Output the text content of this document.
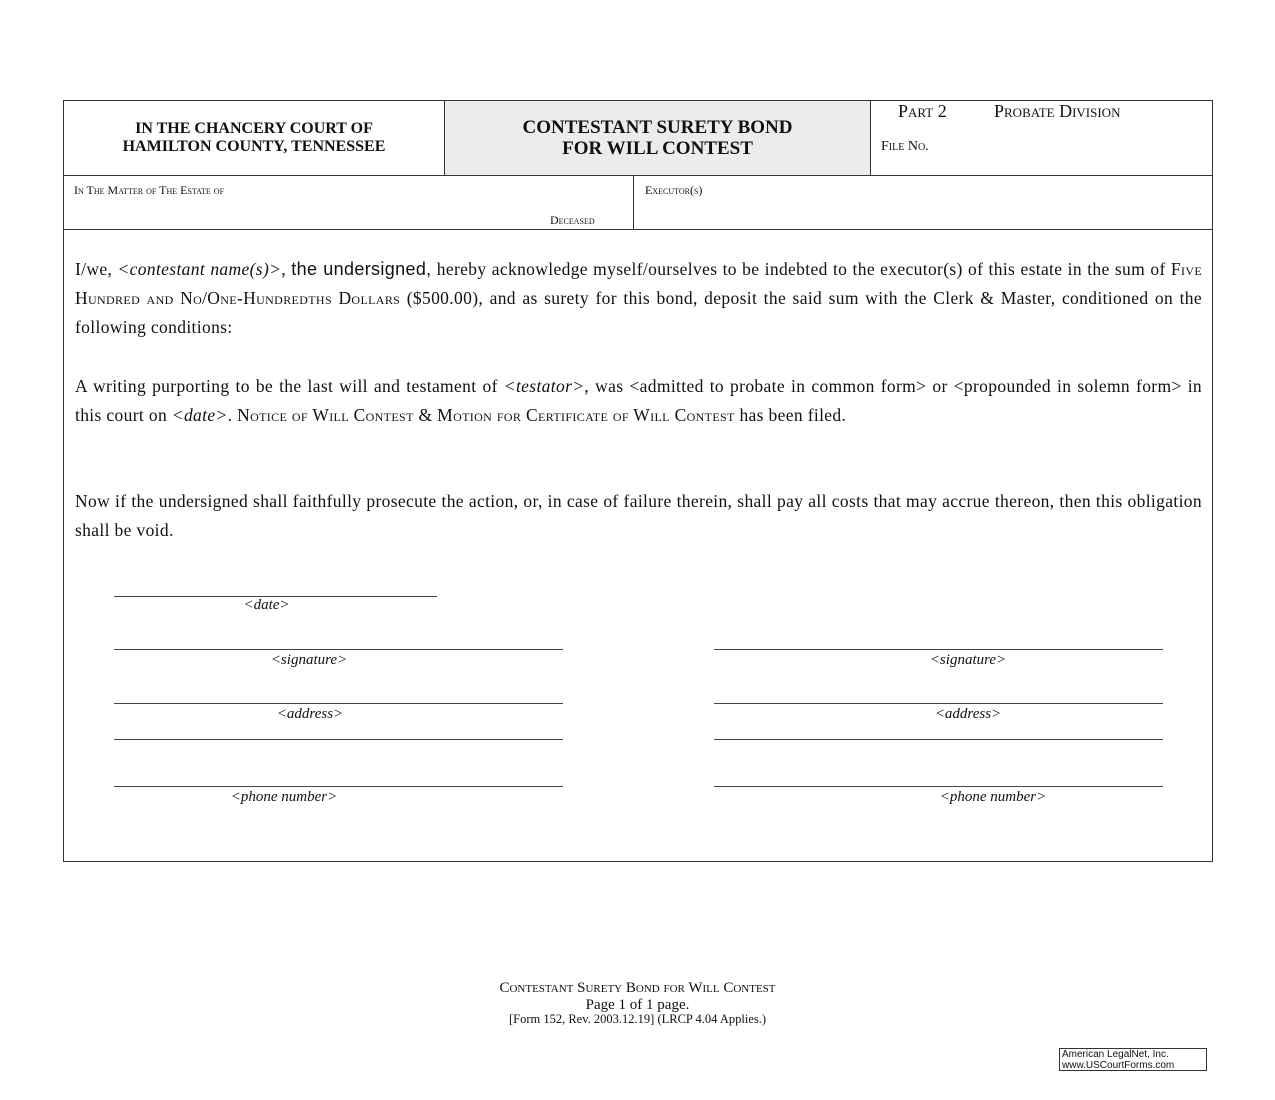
IN THE CHANCERY COURT OF
HAMILTON COUNTY, TENNESSEE
CONTESTANT SURETY BOND
FOR WILL CONTEST
Part 2	Probate Division
File No.
In The Matter of The Estate of
Deceased
Executor(s)
I/we, <contestant name(s)>, the undersigned, hereby acknowledge myself/ourselves to be indebted to the executor(s) of this estate in the sum of Five Hundred and No/One-Hundredths Dollars ($500.00), and as surety for this bond, deposit the said sum with the Clerk & Master, conditioned on the following conditions:
A writing purporting to be the last will and testament of <testator>, was <admitted to probate in common form> or <propounded in solemn form> in this court on <date>. Notice of Will Contest & Motion for Certificate of Will Contest has been filed.
Now if the undersigned shall faithfully prosecute the action, or, in case of failure therein, shall pay all costs that may accrue thereon, then this obligation shall be void.
<date>
<signature>
<address>
<phone number>
<signature>
<address>
<phone number>
Contestant Surety Bond for Will Contest
Page 1 of 1 page.
[Form 152, Rev. 2003.12.19] (LRCP 4.04 Applies.)
American LegalNet, Inc.
www.USCourtForms.com
